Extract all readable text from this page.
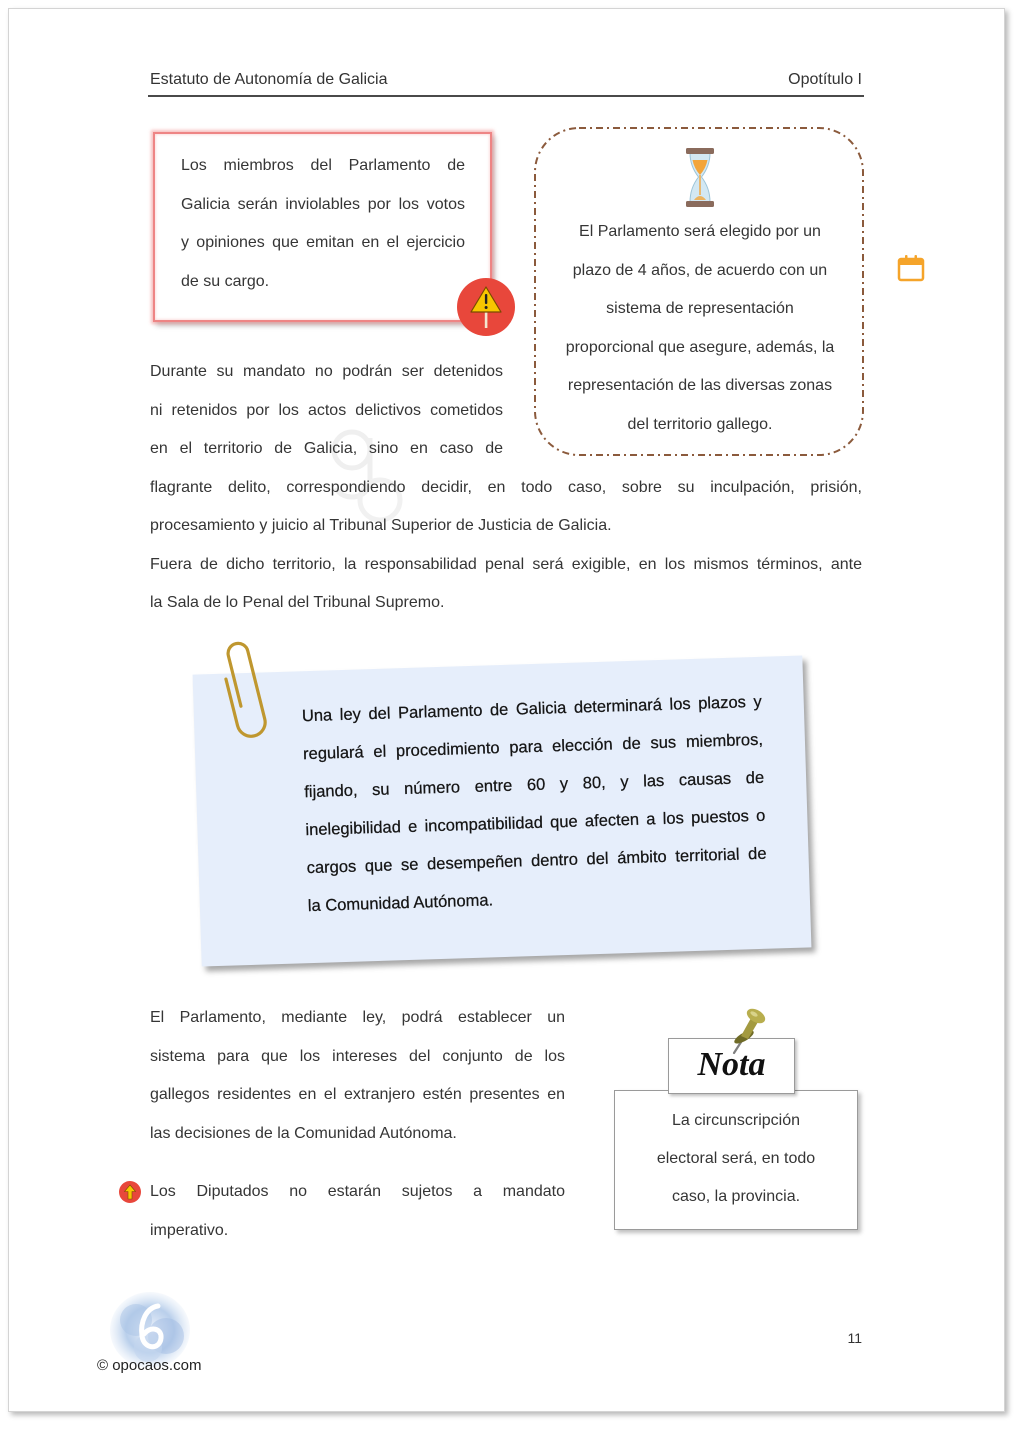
Estatuto de Autonomía de Galicia	Opotítulo I
Los miembros del Parlamento de
Galicia serán inviolables por los votos
y opiniones que emitan en el ejercicio
de su cargo.
El Parlamento será elegido por un
plazo de 4 años, de acuerdo con un
sistema de representación
proporcional que asegure, además, la
representación de las diversas zonas
del territorio gallego.
Durante su mandato no podrán ser detenidos
ni retenidos por los actos delictivos cometidos
en el territorio de Galicia, sino en caso de
flagrante delito, correspondiendo decidir, en todo caso, sobre su inculpación, prisión,
procesamiento y juicio al Tribunal Superior de Justicia de Galicia.
Fuera de dicho territorio, la responsabilidad penal será exigible, en los mismos términos, ante
la Sala de lo Penal del Tribunal Supremo.
Una ley del Parlamento de Galicia determinará los plazos y
regulará el procedimiento para elección de sus miembros,
fijando, su número entre 60 y 80, y las causas de
inelegibilidad e incompatibilidad que afecten a los puestos o
cargos que se desempeñen dentro del ámbito territorial de
la Comunidad Autónoma.
El Parlamento, mediante ley, podrá establecer un
sistema para que los intereses del conjunto de los
gallegos residentes en el extranjero estén presentes en
las decisiones de la Comunidad Autónoma.
Los Diputados no estarán sujetos a mandato
imperativo.
Nota
La circunscripción
electoral será, en todo
caso, la provincia.
© opocaos.com
11
